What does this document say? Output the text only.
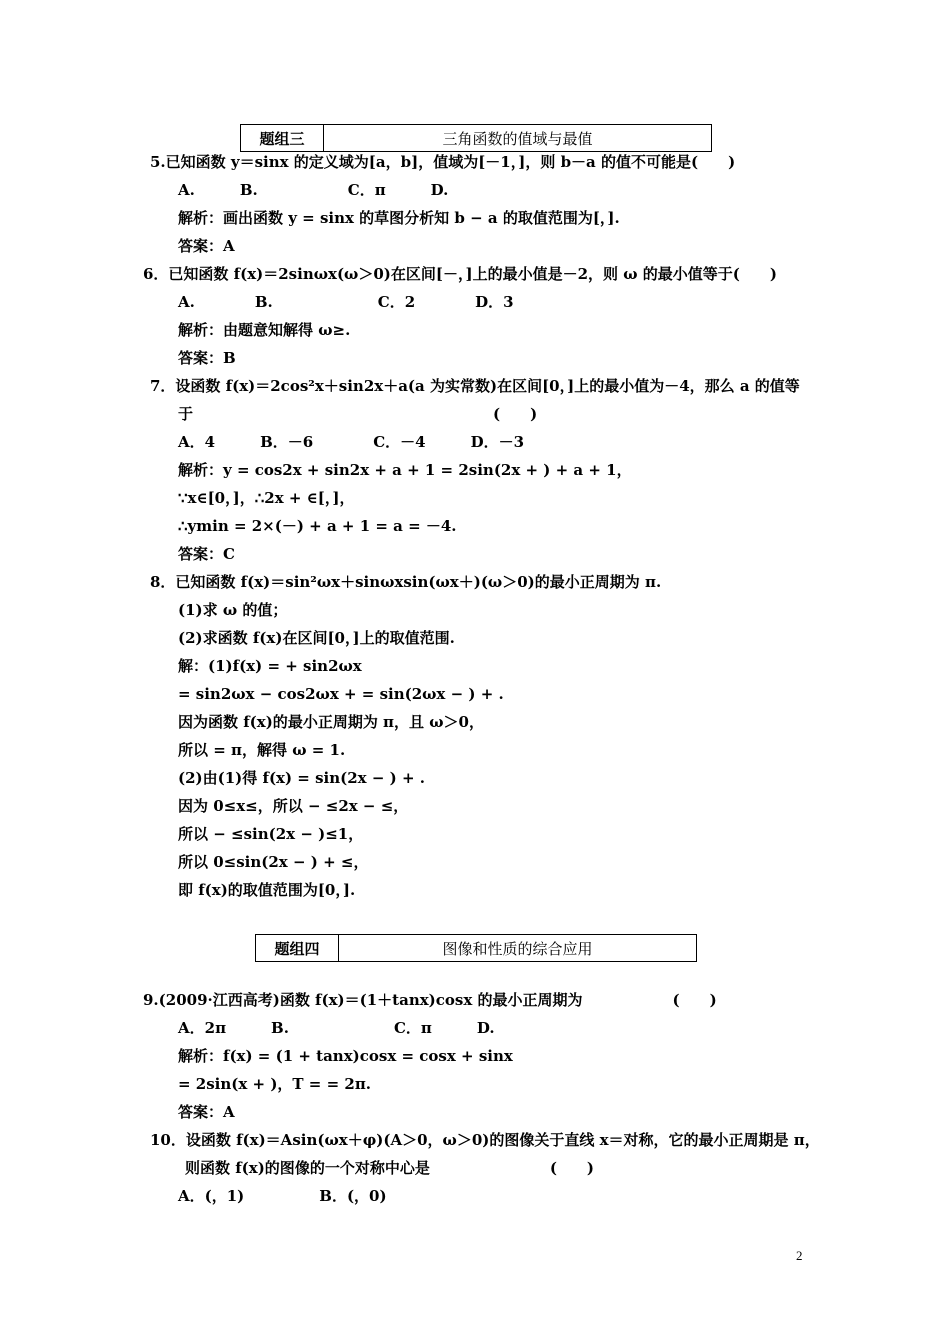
题组三	三角函数的值域与最值
5.已知函数 y＝sinx 的定义域为[a，b]，值域为[－1，]，则 b－a 的值不可能是(　　)
A.　　　B.　　　　　　C．π　　　D.
解析：画出函数 y = sinx 的草图分析知 b − a 的取值范围为[，].
答案：A
6．已知函数 f(x)＝2sinωx(ω＞0)在区间[－，]上的最小值是－2，则 ω 的最小值等于(　　)
A.　　　　B.　　　　　　　C．2　　　　D．3
解析：由题意知解得 ω≥.
答案：B
7．设函数 f(x)＝2cos²x＋sin2x＋a(a 为实常数)在区间[0，]上的最小值为－4，那么 a 的值等
于　　　　　　　　　　　　　　　　　　　　(　　)
A．4　　　B．－6　　　　C．－4　　　D．－3
解析：y = cos2x + sin2x + a + 1 = 2sin(2x + ) + a + 1，
∵x∈[0，]，∴2x + ∈[，]，
∴ymin = 2×(－) + a + 1 = a = －4.
答案：C
8．已知函数 f(x)＝sin²ωx＋sinωxsin(ωx＋)(ω＞0)的最小正周期为 π.
(1)求 ω 的值；
(2)求函数 f(x)在区间[0，]上的取值范围.
解：(1)f(x) = + sin2ωx
= sin2ωx − cos2ωx + = sin(2ωx − ) + .
因为函数 f(x)的最小正周期为 π，且 ω＞0，
所以 = π，解得 ω = 1.
(2)由(1)得 f(x) = sin(2x − ) + .
因为 0≤x≤，所以 − ≤2x − ≤，
所以 − ≤sin(2x − )≤1，
所以 0≤sin(2x − ) + ≤，
即 f(x)的取值范围为[0，].
题组四	图像和性质的综合应用
9.(2009·江西高考)函数 f(x)＝(1＋tanx)cosx 的最小正周期为　　　　　　(　　)
A．2π　　　B.　　　　　　　C．π　　　D.
解析：f(x) = (1 + tanx)cosx = cosx + sinx
= 2sin(x + )，T = = 2π.
答案：A
10．设函数 f(x)＝Asin(ωx＋φ)(A＞0，ω＞0)的图像关于直线 x＝对称，它的最小正周期是 π，
则函数 f(x)的图像的一个对称中心是　　　　　　　　(　　)
A．(，1)　　　　　B．(，0)
2
